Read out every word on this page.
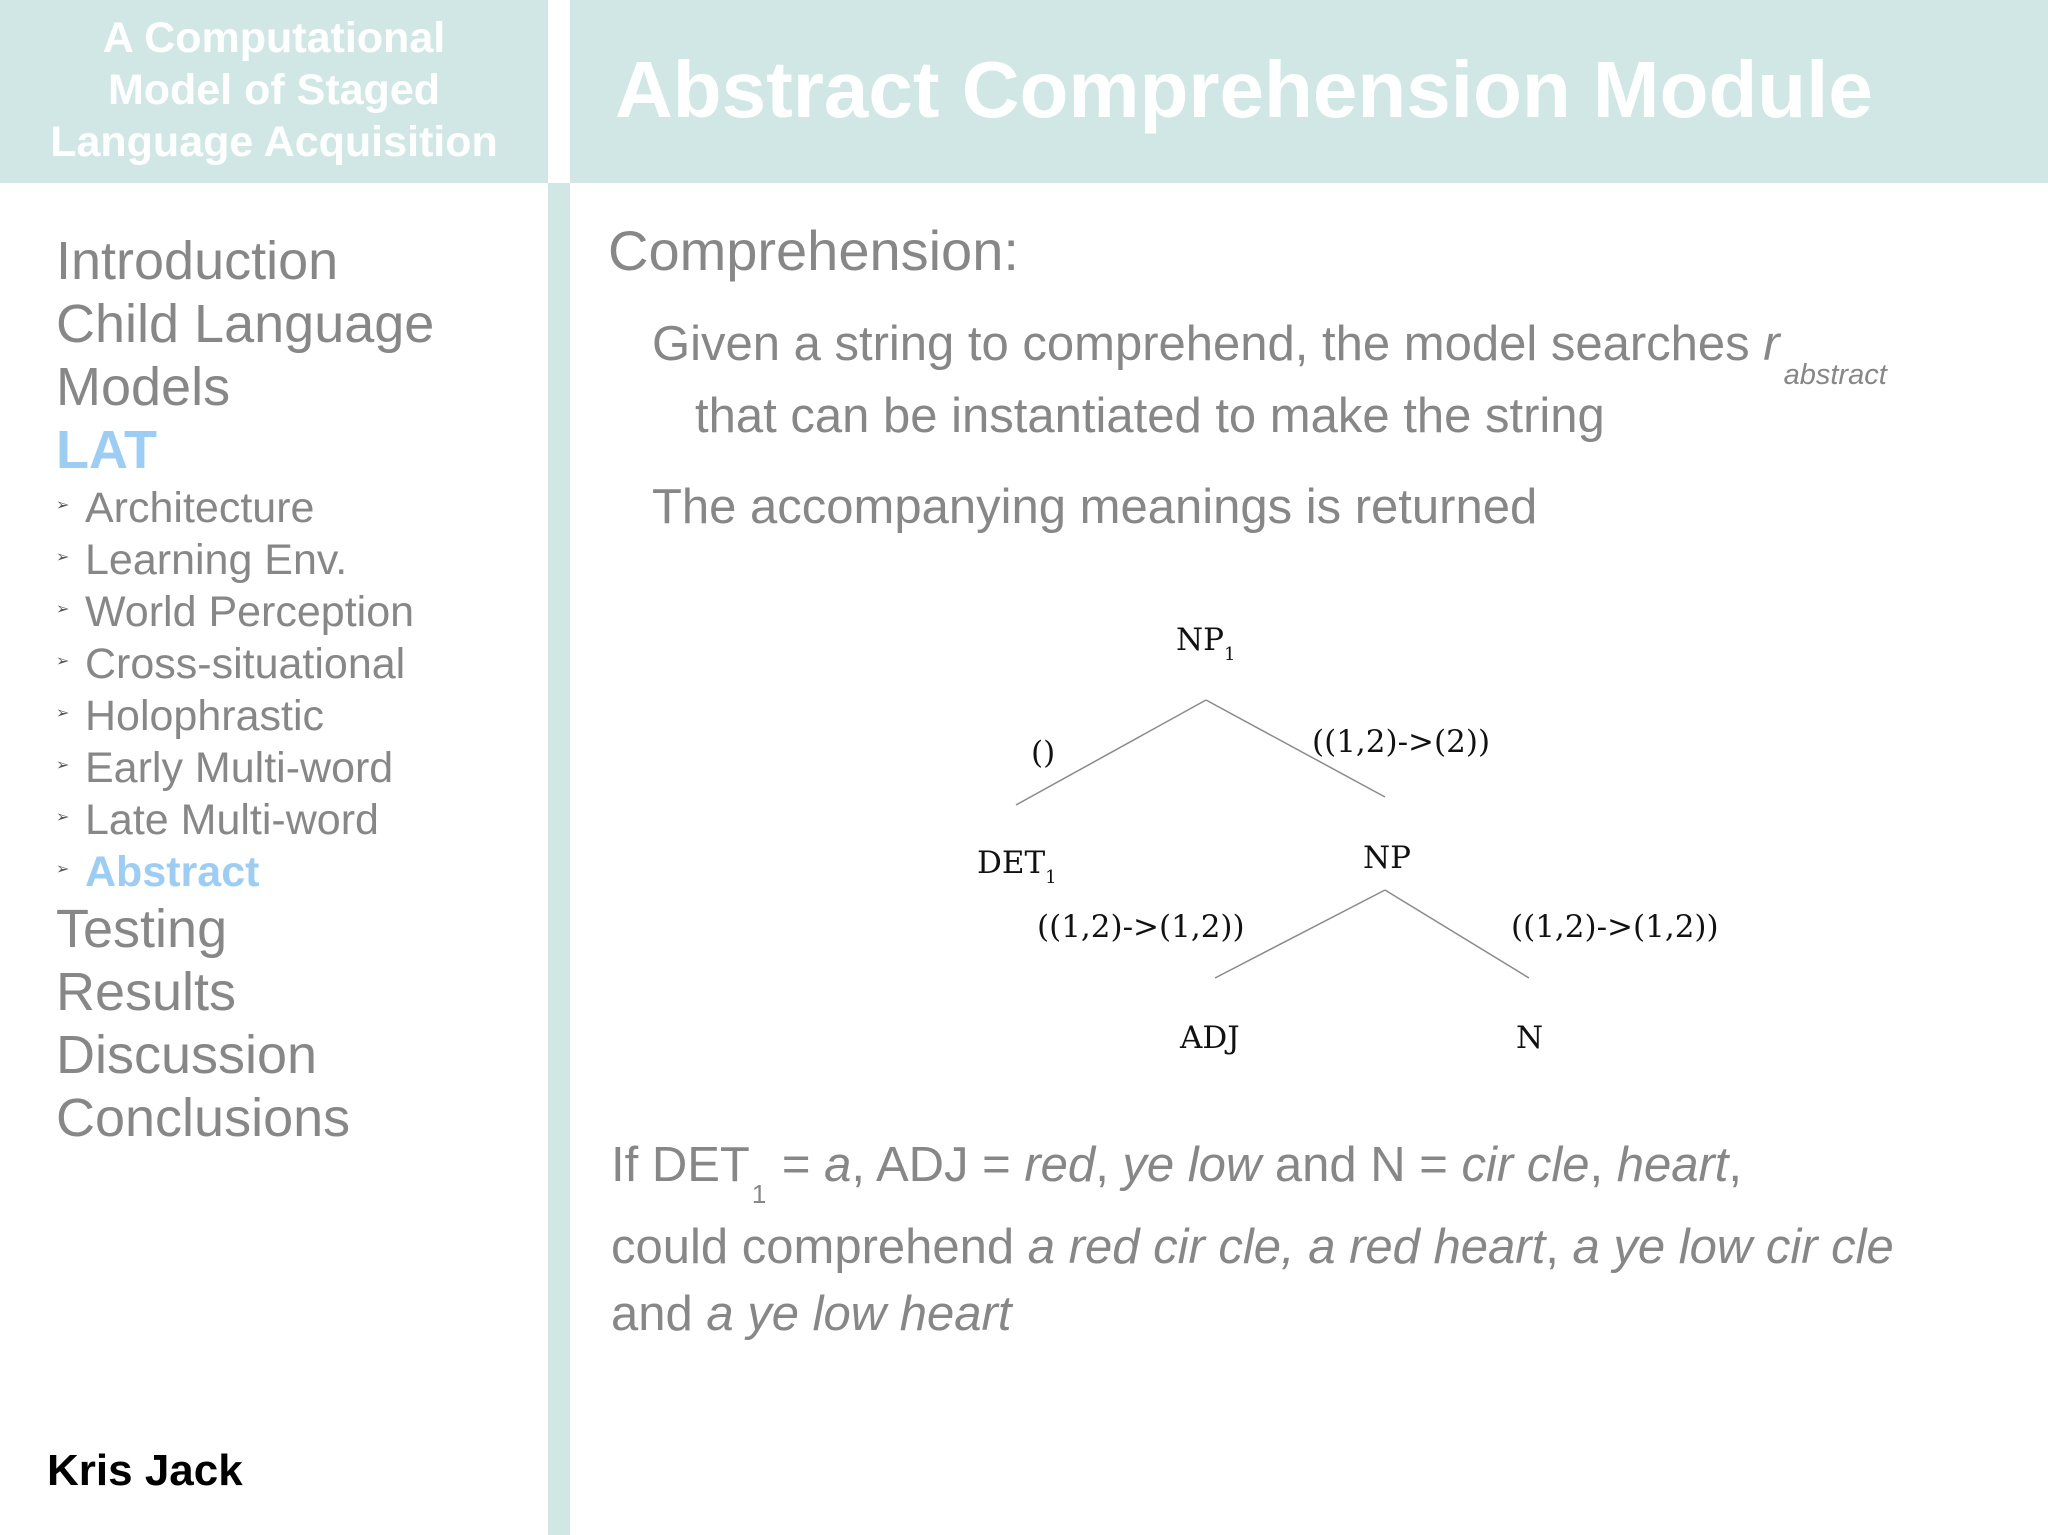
A Computational
Model of Staged
Language Acquisition
Abstract Comprehension Module
Introduction
Child Language
Models
LAT
➢ Architecture
➢ Learning Env.
➢ World Perception
➢ Cross-situational
➢ Holophrastic
➢ Early Multi-word
➢ Late Multi-word
➢ Abstract
Testing
Results
Discussion
Conclusions
Kris Jack
Comprehension:
Given a string to comprehend, the model searches $r_{abstract}$
that can be instantiated to make the string
The accompanying meanings is returned
$NP_1$
()	((1,2)->(2))
$DET_1$
NP
((1,2)->(1,2))	((1,2)->(1,2))
ADJ	N
If $DET_1 = a$, ADJ = red, ye low and N = cir cle, heart,
could comprehend a red cir cle, a red heart, a ye low cir cle
and a ye low heart
